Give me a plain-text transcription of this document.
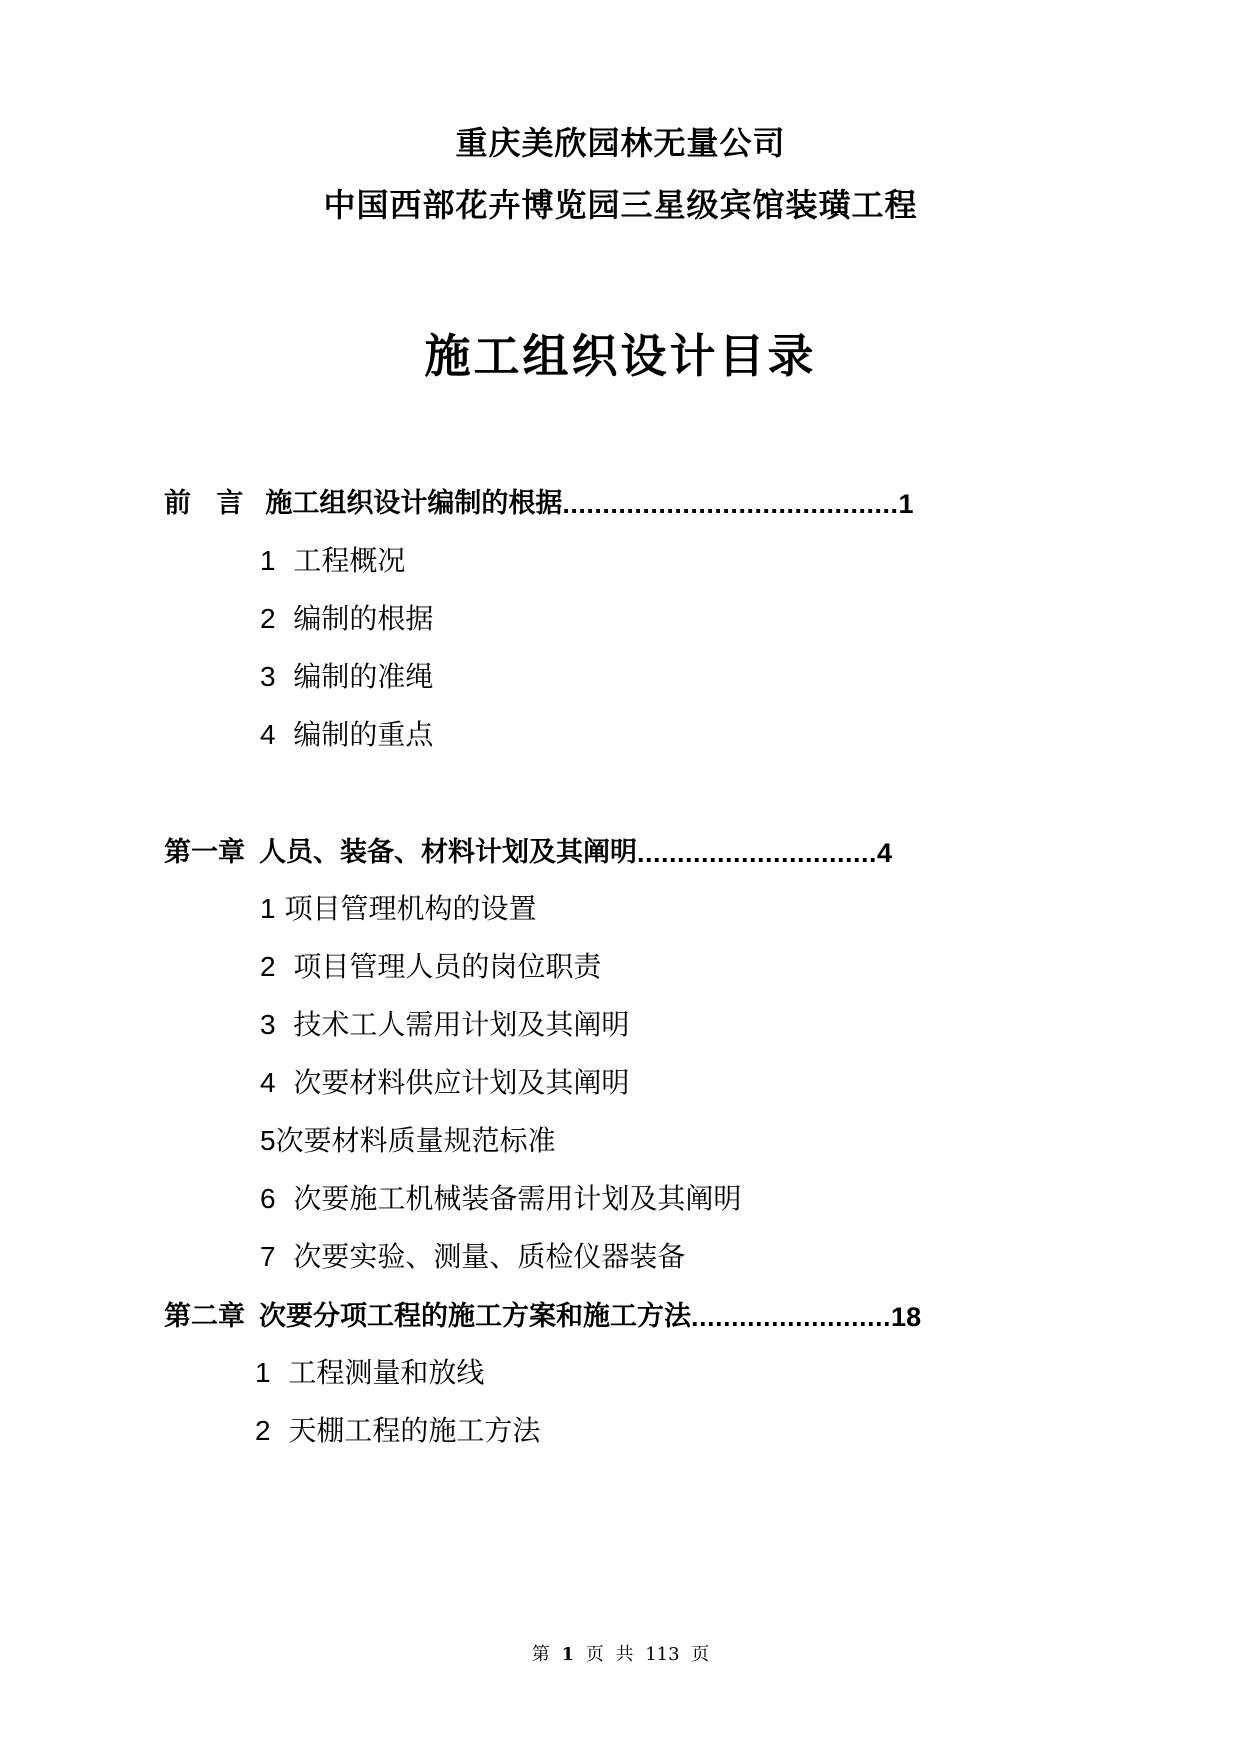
重庆美欣园林无量公司
中国西部花卉博览园三星级宾馆装璜工程
施工组织设计目录
前 言 施工组织设计编制的根据 .......................................... 1
1 工程概况
2 编制的根据
3 编制的准绳
4 编制的重点
第一章 人员、装备、材料计划及其阐明 .............................. 4
1 项目管理机构的设置
2 项目管理人员的岗位职责
3 技术工人需用计划及其阐明
4 次要材料供应计划及其阐明
5次要材料质量规范标准
6 次要施工机械装备需用计划及其阐明
7 次要实验、测量、质检仪器装备
第二章 次要分项工程的施工方案和施工方法 ......................... 18
1 工程测量和放线
2 天棚工程的施工方法
第 1 页 共 113 页
